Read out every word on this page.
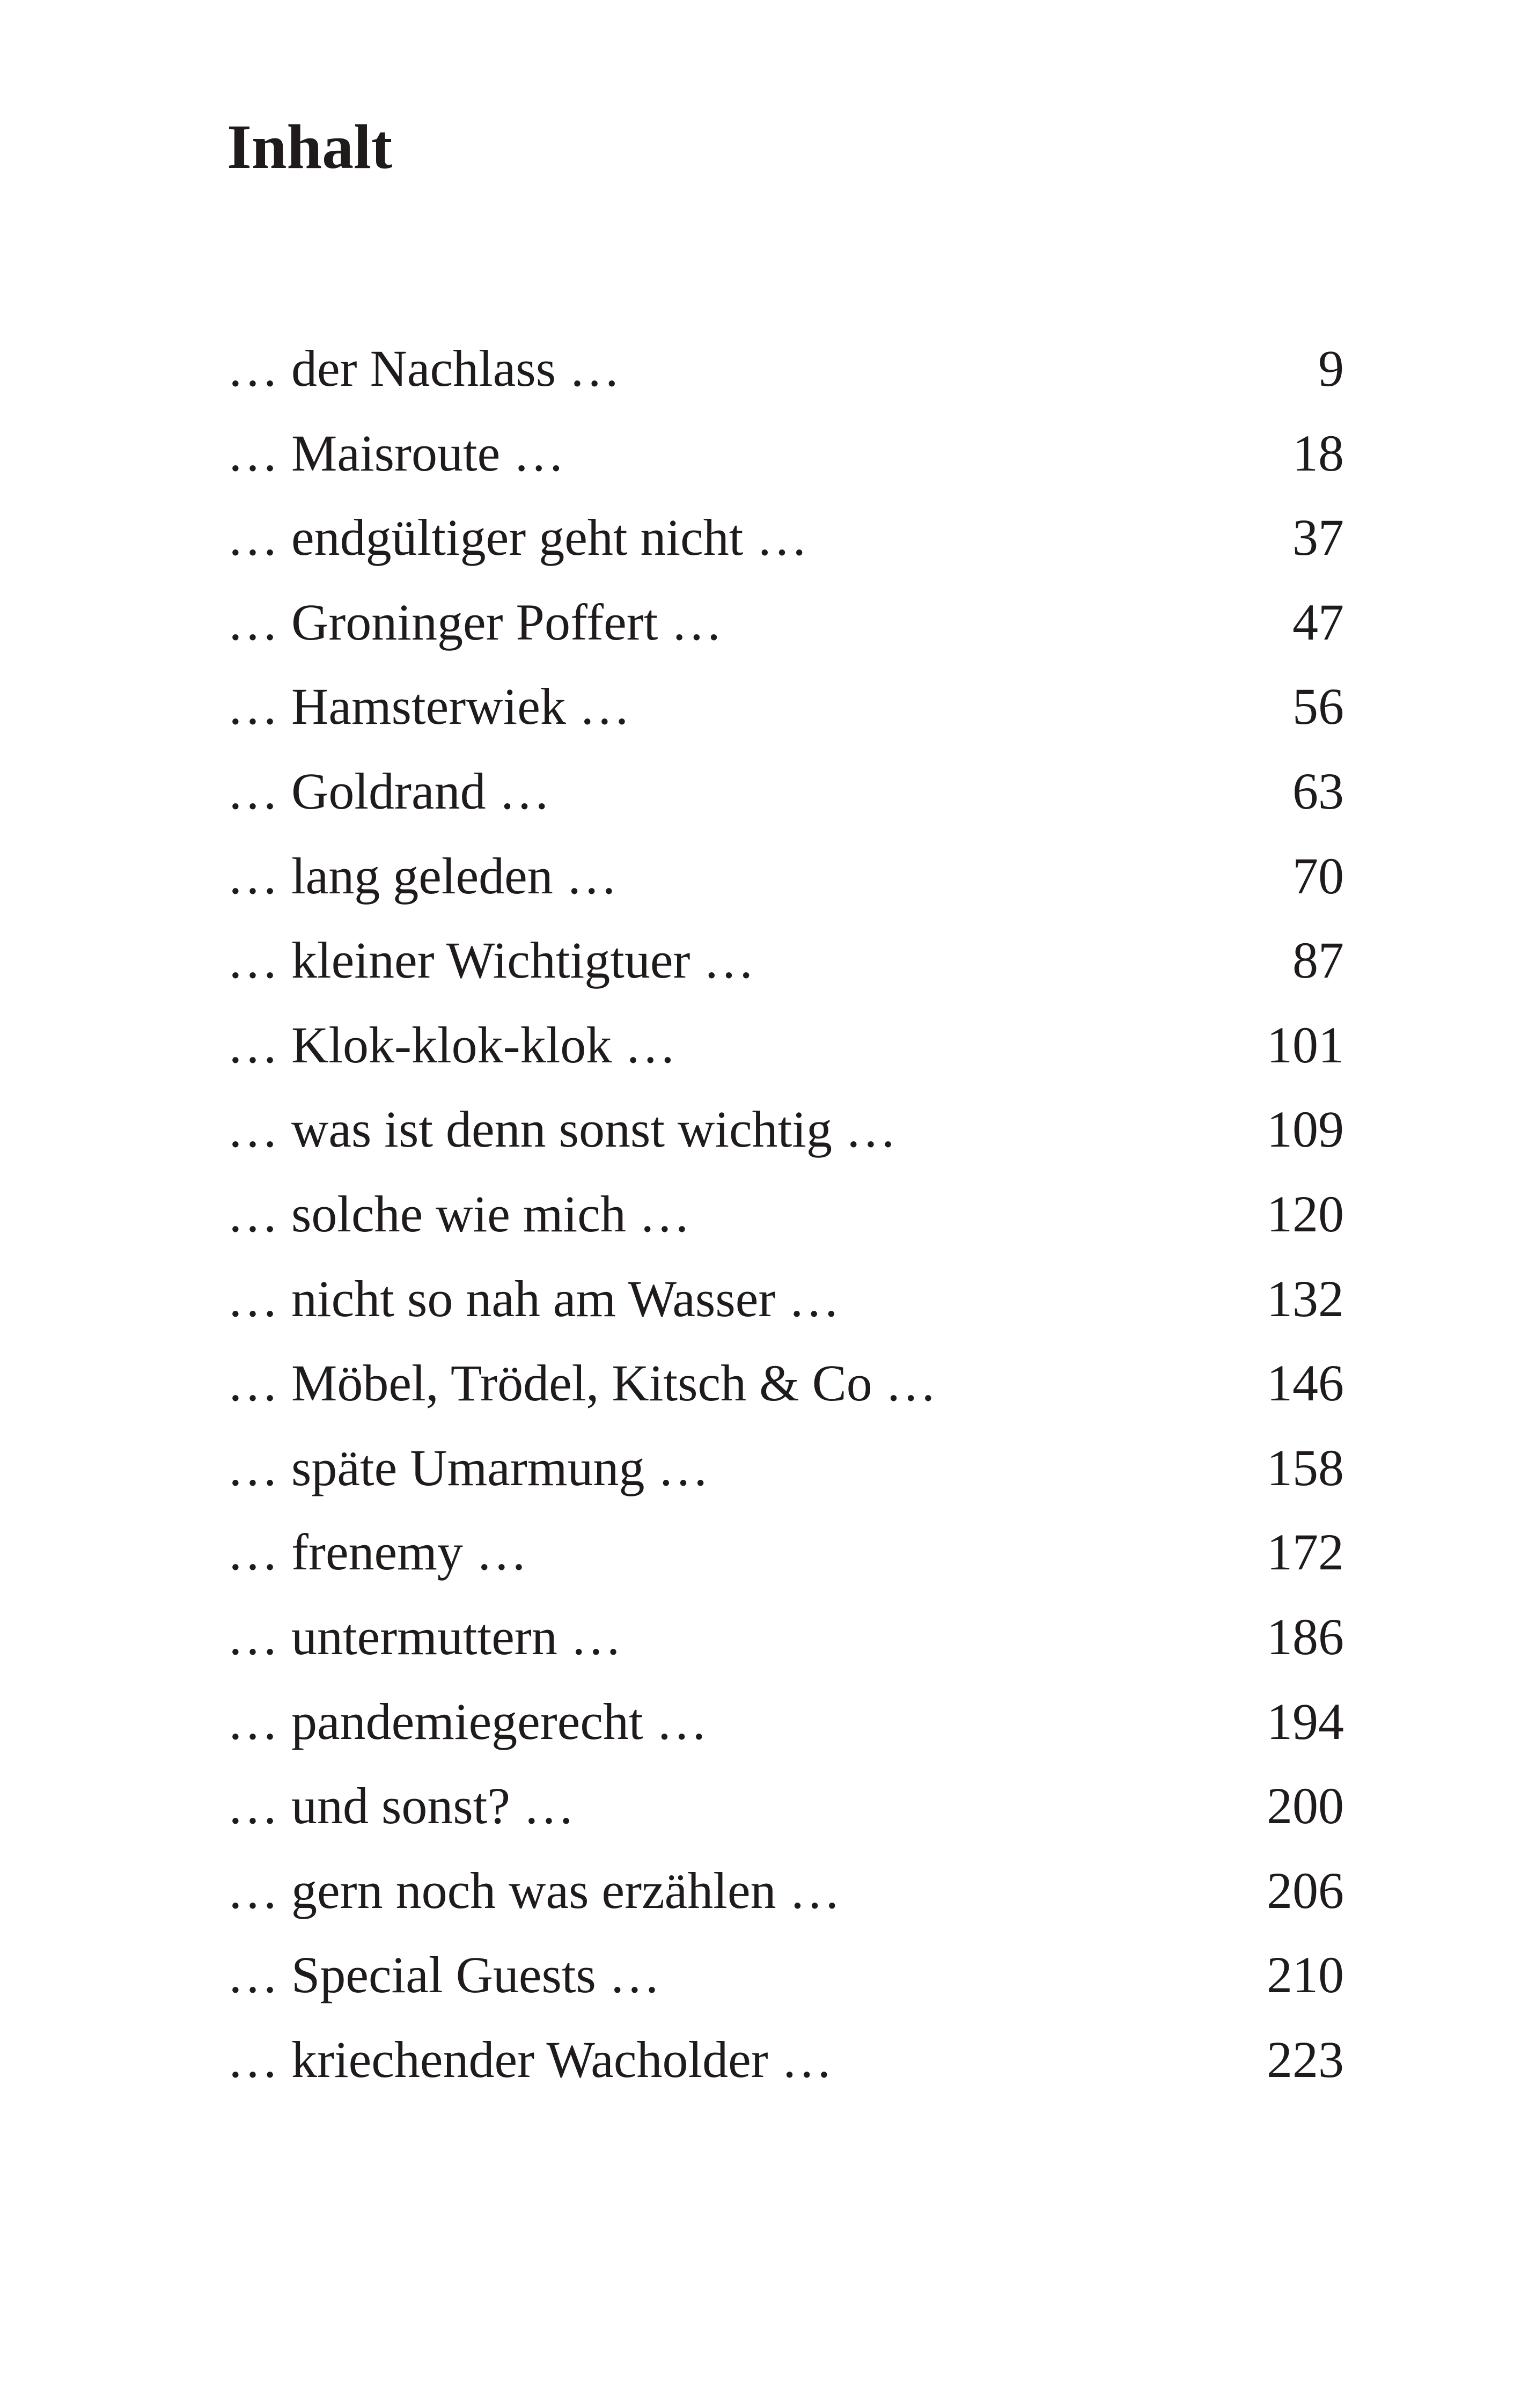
Inhalt
… der Nachlass …	9
… Maisroute …	18
… endgültiger geht nicht …	37
… Groninger Poffert …	47
… Hamsterwiek …	56
… Goldrand …	63
… lang geleden …	70
… kleiner Wichtigtuer …	87
… Klok-klok-klok …	101
… was ist denn sonst wichtig …	109
… solche wie mich …	120
… nicht so nah am Wasser …	132
… Möbel, Trödel, Kitsch & Co …	146
… späte Umarmung …	158
… frenemy …	172
… untermuttern …	186
… pandemiegerecht …	194
… und sonst? …	200
… gern noch was erzählen …	206
… Special Guests …	210
… kriechender Wacholder …	223
